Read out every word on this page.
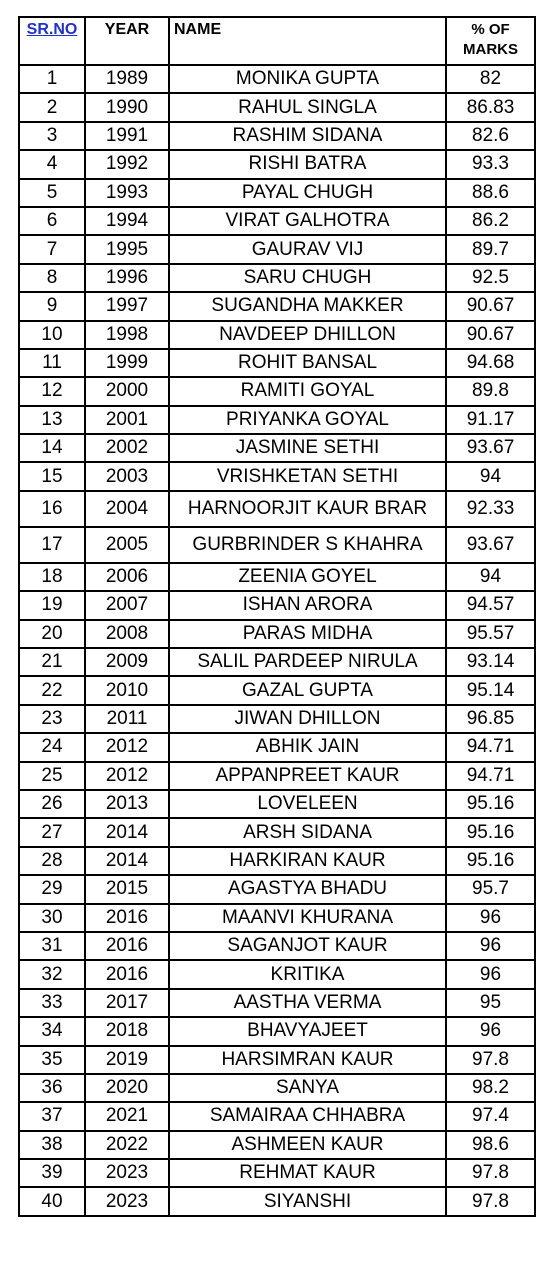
SR.NO	YEAR	NAME	% OF MARKS
1	1989	MONIKA GUPTA	82
2	1990	RAHUL SINGLA	86.83
3	1991	RASHIM SIDANA	82.6
4	1992	RISHI BATRA	93.3
5	1993	PAYAL CHUGH	88.6
6	1994	VIRAT GALHOTRA	86.2
7	1995	GAURAV VIJ	89.7
8	1996	SARU CHUGH	92.5
9	1997	SUGANDHA MAKKER	90.67
10	1998	NAVDEEP DHILLON	90.67
11	1999	ROHIT BANSAL	94.68
12	2000	RAMITI GOYAL	89.8
13	2001	PRIYANKA GOYAL	91.17
14	2002	JASMINE SETHI	93.67
15	2003	VRISHKETAN SETHI	94
16	2004	HARNOORJIT KAUR BRAR	92.33
17	2005	GURBRINDER S KHAHRA	93.67
18	2006	ZEENIA GOYEL	94
19	2007	ISHAN ARORA	94.57
20	2008	PARAS MIDHA	95.57
21	2009	SALIL PARDEEP NIRULA	93.14
22	2010	GAZAL GUPTA	95.14
23	2011	JIWAN DHILLON	96.85
24	2012	ABHIK JAIN	94.71
25	2012	APPANPREET KAUR	94.71
26	2013	LOVELEEN	95.16
27	2014	ARSH SIDANA	95.16
28	2014	HARKIRAN KAUR	95.16
29	2015	AGASTYA BHADU	95.7
30	2016	MAANVI KHURANA	96
31	2016	SAGANJOT KAUR	96
32	2016	KRITIKA	96
33	2017	AASTHA VERMA	95
34	2018	BHAVYAJEET	96
35	2019	HARSIMRAN KAUR	97.8
36	2020	SANYA	98.2
37	2021	SAMAIRAA CHHABRA	97.4
38	2022	ASHMEEN KAUR	98.6
39	2023	REHMAT KAUR	97.8
40	2023	SIYANSHI	97.8
